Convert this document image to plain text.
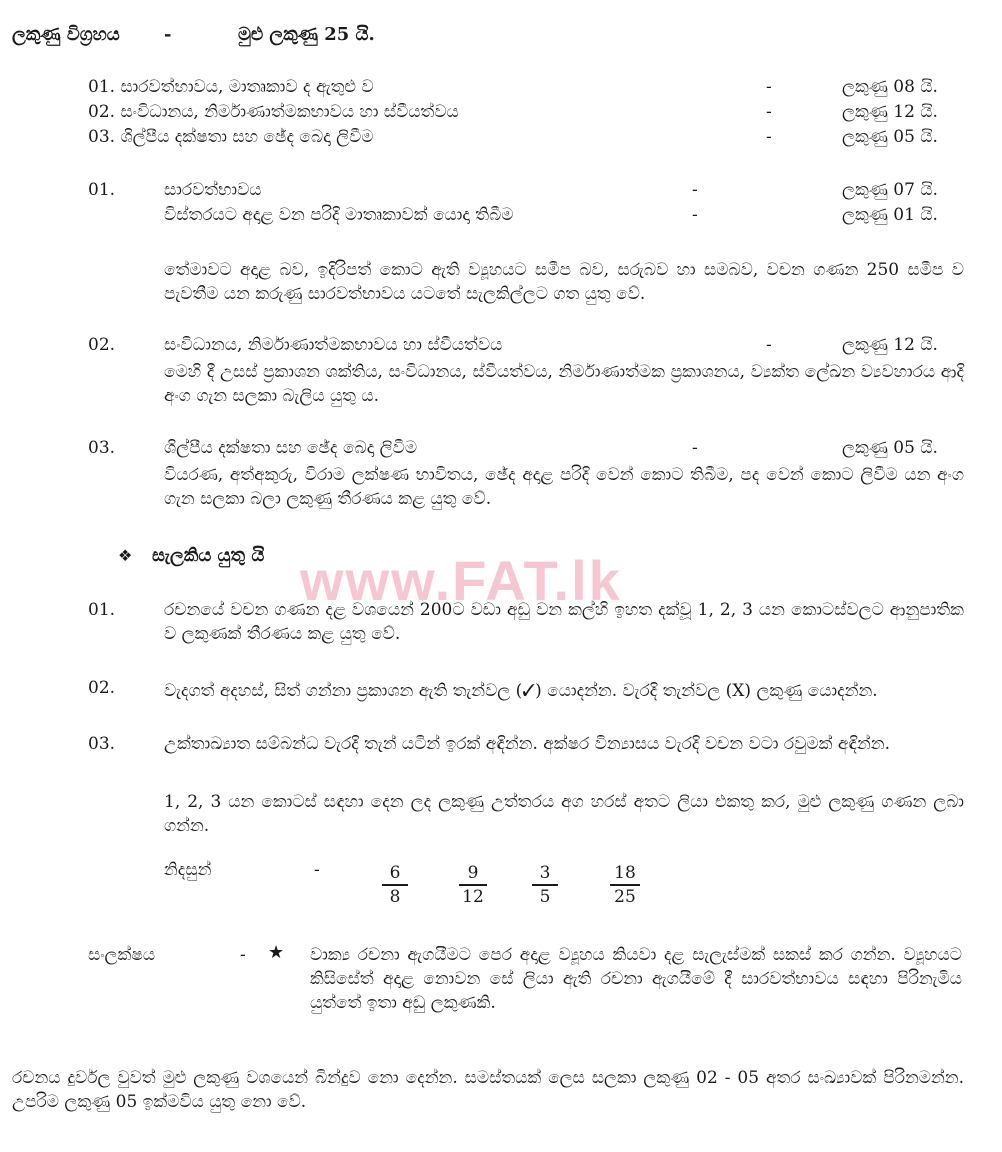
www.FAT.lk
ලකුණු විග්‍රහය -	මුළු ලකුණු 25 යි.
01. සාරවත්භාවය, මාතෘකාව ද ඇතුළු ව	-	ලකුණු 08 යි.
02. සංවිධානය, නිර්මාණාත්මකභාවය හා ස්වීයත්වය	-	ලකුණු 12 යි.
03. ශිල්පීය දක්ෂතා සහ ඡේද බෙදා ලිවීම	-	ලකුණු 05 යි.
01.	සාරවත්භාවය	-	ලකුණු 07 යි.
විස්තරයට අදාළ වන පරිදි මාතෘකාවක් යොදා තිබීම	-	ලකුණු 01 යි.
තේමාවට අදාළ බව, ඉදිරිපත් කොට ඇති ව්‍යූහයට සමීප බව, සරුබව හා සමබව, වචන ගණන 250 සමීප ව පැවතීම යන කරුණු සාරවත්භාවය යටතේ සැලකිල්ලට ගත යුතු වේ.
02.	සංවිධානය, නිර්මාණාත්මකභාවය හා ස්වීයත්වය	-	ලකුණු 12 යි.
මෙහි දී උසස් ප්‍රකාශන ශක්තිය, සංවිධානය, ස්වීයත්වය, නිර්මාණාත්මක ප්‍රකාශනය, ව්‍යක්ත ලේඛන ව්‍යවහාරය ආදි අංග ගැන සලකා බැලිය යුතු ය.
03.	ශිල්පීය දක්ෂතා සහ ඡේද බෙදා ලිවීම	-	ලකුණු 05 යි.
වියරණ, අත්අකුරු, විරාම ලක්ෂණ භාවිතය, ඡේද අදාළ පරිදි වෙන් කොට තිබීම, පද වෙන් කොට ලිවීම යන අංග ගැන සලකා බලා ලකුණු තීරණය කළ යුතු වේ.
❖ සැලකිය යුතු යි
01.	රචනයේ වචන ගණන දළ වශයෙන් 200ට වඩා අඩු වන කල්හි ඉහත දක්වූ 1, 2, 3 යන කොටස්වලට ආනුපාතික ව ලකුණක් තීරණය කළ යුතු වේ.
02.	වැදගත් අදහස්, සිත් ගන්නා ප්‍රකාශන ඇති තැන්වල (✓) යොදන්න. වැරදි තැන්වල (X) ලකුණු යොදන්න.
03.	උක්තාඛ්‍යාත සම්බන්ධ වැරදි තැන් යටින් ඉරක් අඳින්න. අක්ෂර වින්‍යාසය වැරදි වචන වටා රවුමක් අඳින්න.
1, 2, 3 යන කොටස් සඳහා දෙන ලද ලකුණු උත්තරය අග හරස් අතට ලියා එකතු කර, මුළු ලකුණු ගණන ලබා ගන්න.
නිදසුන්	-	$\frac{6}{8}$	$\frac{9}{12}$	$\frac{3}{5}$	$\frac{18}{25}$
සංලක්ෂය	- ★ වාක්‍ය රචනා ඇගයීමට පෙර අදාළ ව්‍යූහය කියවා දළ සැලැස්මක් සකස් කර ගන්න. ව්‍යූහයට කිසිසේත් අදාළ නොවන සේ ලියා ඇති රචනා ඇගයීමේ දී සාරවත්භාවය සඳහා පිරිනැමිය යුත්තේ ඉතා අඩු ලකුණකි.
රචනය දුර්වල වුවත් මුළු ලකුණු වශයෙන් බින්දුව නො දෙන්න. සමස්තයක් ලෙස සලකා ලකුණු 02 - 05 අතර සංඛ්‍යාවක් පිරිනමන්න. උපරිම ලකුණු 05 ඉක්මවිය යුතු නො වේ.
